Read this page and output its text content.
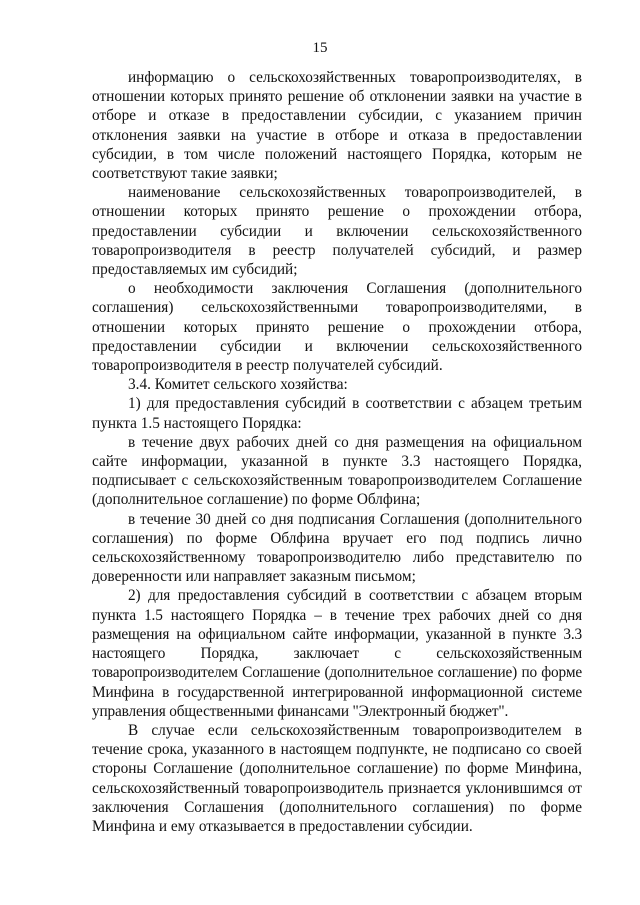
15

информацию о сельскохозяйственных товаропроизводителях, в отношении которых принято решение об отклонении заявки на участие в отборе и отказе в предоставлении субсидии, с указанием причин отклонения заявки на участие в отборе и отказа в предоставлении субсидии, в том числе положений настоящего Порядка, которым не соответствуют такие заявки;

наименование сельскохозяйственных товаропроизводителей, в отношении которых принято решение о прохождении отбора, предоставлении субсидии и включении сельскохозяйственного товаропроизводителя в реестр получателей субсидий, и размер предоставляемых им субсидий;

о необходимости заключения Соглашения (дополнительного соглашения) сельскохозяйственными товаропроизводителями, в отношении которых принято решение о прохождении отбора, предоставлении субсидии и включении сельскохозяйственного товаропроизводителя в реестр получателей субсидий.

3.4. Комитет сельского хозяйства:

1) для предоставления субсидий в соответствии с абзацем третьим пункта 1.5 настоящего Порядка:

в течение двух рабочих дней со дня размещения на официальном сайте информации, указанной в пункте 3.3 настоящего Порядка, подписывает с сельскохозяйственным товаропроизводителем Соглашение (дополнительное соглашение) по форме Облфина;

в течение 30 дней со дня подписания Соглашения (дополнительного соглашения) по форме Облфина вручает его под подпись лично сельскохозяйственному товаропроизводителю либо представителю по доверенности или направляет заказным письмом;

2) для предоставления субсидий в соответствии с абзацем вторым пункта 1.5 настоящего Порядка – в течение трех рабочих дней со дня размещения на официальном сайте информации, указанной в пункте 3.3 настоящего Порядка, заключает с сельскохозяйственным товаропроизводителем Соглашение (дополнительное соглашение) по форме Минфина в государственной интегрированной информационной системе управления общественными финансами "Электронный бюджет".

В случае если сельскохозяйственным товаропроизводителем в течение срока, указанного в настоящем подпункте, не подписано со своей стороны Соглашение (дополнительное соглашение) по форме Минфина, сельскохозяйственный товаропроизводитель признается уклонившимся от заключения Соглашения (дополнительного соглашения) по форме Минфина и ему отказывается в предоставлении субсидии.
